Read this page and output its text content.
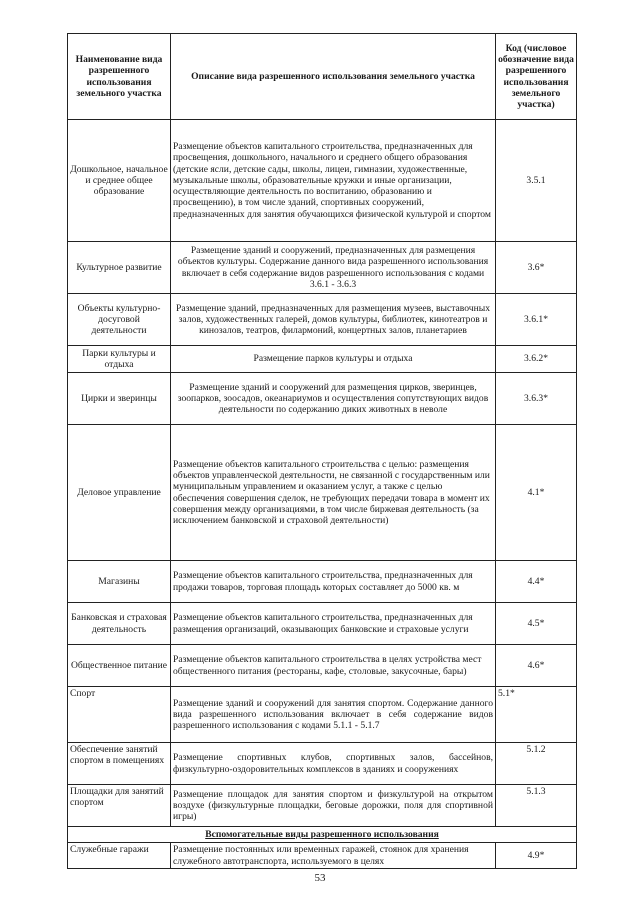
Наименование вида разрешенного использования земельного участка	Описание вида разрешенного использования земельного участка	Код (числовое обозначение вида разрешенного использования земельного участка)
Дошкольное, начальное и среднее общее образование	Размещение объектов капитального строительства, предназначенных для просвещения, дошкольного, начального и среднего общего образования (детские ясли, детские сады, школы, лицеи, гимназии, художественные, музыкальные школы, образовательные кружки и иные организации, осуществляющие деятельность по воспитанию, образованию и просвещению), в том числе зданий, спортивных сооружений, предназначенных для занятия обучающихся физической культурой и спортом	3.5.1
Культурное развитие	Размещение зданий и сооружений, предназначенных для размещения объектов культуры. Содержание данного вида разрешенного использования включает в себя содержание видов разрешенного использования с кодами 3.6.1 - 3.6.3	3.6*
Объекты культурно-досуговой деятельности	Размещение зданий, предназначенных для размещения музеев, выставочных залов, художественных галерей, домов культуры, библиотек, кинотеатров и кинозалов, театров, филармоний, концертных залов, планетариев	3.6.1*
Парки культуры и отдыха	Размещение парков культуры и отдыха	3.6.2*
Цирки и зверинцы	Размещение зданий и сооружений для размещения цирков, зверинцев, зоопарков, зоосадов, океанариумов и осуществления сопутствующих видов деятельности по содержанию диких животных в неволе	3.6.3*
Деловое управление	Размещение объектов капитального строительства с целью: размещения объектов управленческой деятельности, не связанной с государственным или муниципальным управлением и оказанием услуг, а также с целью обеспечения совершения сделок, не требующих передачи товара в момент их совершения между организациями, в том числе биржевая деятельность (за исключением банковской и страховой деятельности)	4.1*
Магазины	Размещение объектов капитального строительства, предназначенных для продажи товаров, торговая площадь которых составляет до 5000 кв. м	4.4*
Банковская и страховая деятельность	Размещение объектов капитального строительства, предназначенных для размещения организаций, оказывающих банковские и страховые услуги	4.5*
Общественное питание	Размещение объектов капитального строительства в целях устройства мест общественного питания (рестораны, кафе, столовые, закусочные, бары)	4.6*
Спорт	Размещение зданий и сооружений для занятия спортом. Содержание данного вида разрешенного использования включает в себя содержание видов разрешенного использования с кодами 5.1.1 - 5.1.7	5.1*
Обеспечение занятий спортом в помещениях	Размещение спортивных клубов, спортивных залов, бассейнов, физкультурно-оздоровительных комплексов в зданиях и сооружениях	5.1.2
Площадки для занятий спортом	Размещение площадок для занятия спортом и физкультурой на открытом воздухе (физкультурные площадки, беговые дорожки, поля для спортивной игры)	5.1.3
Вспомогательные виды разрешенного использования		
Служебные гаражи	Размещение постоянных или временных гаражей, стоянок для хранения служебного автотранспорта, используемого в целях	4.9*
53
